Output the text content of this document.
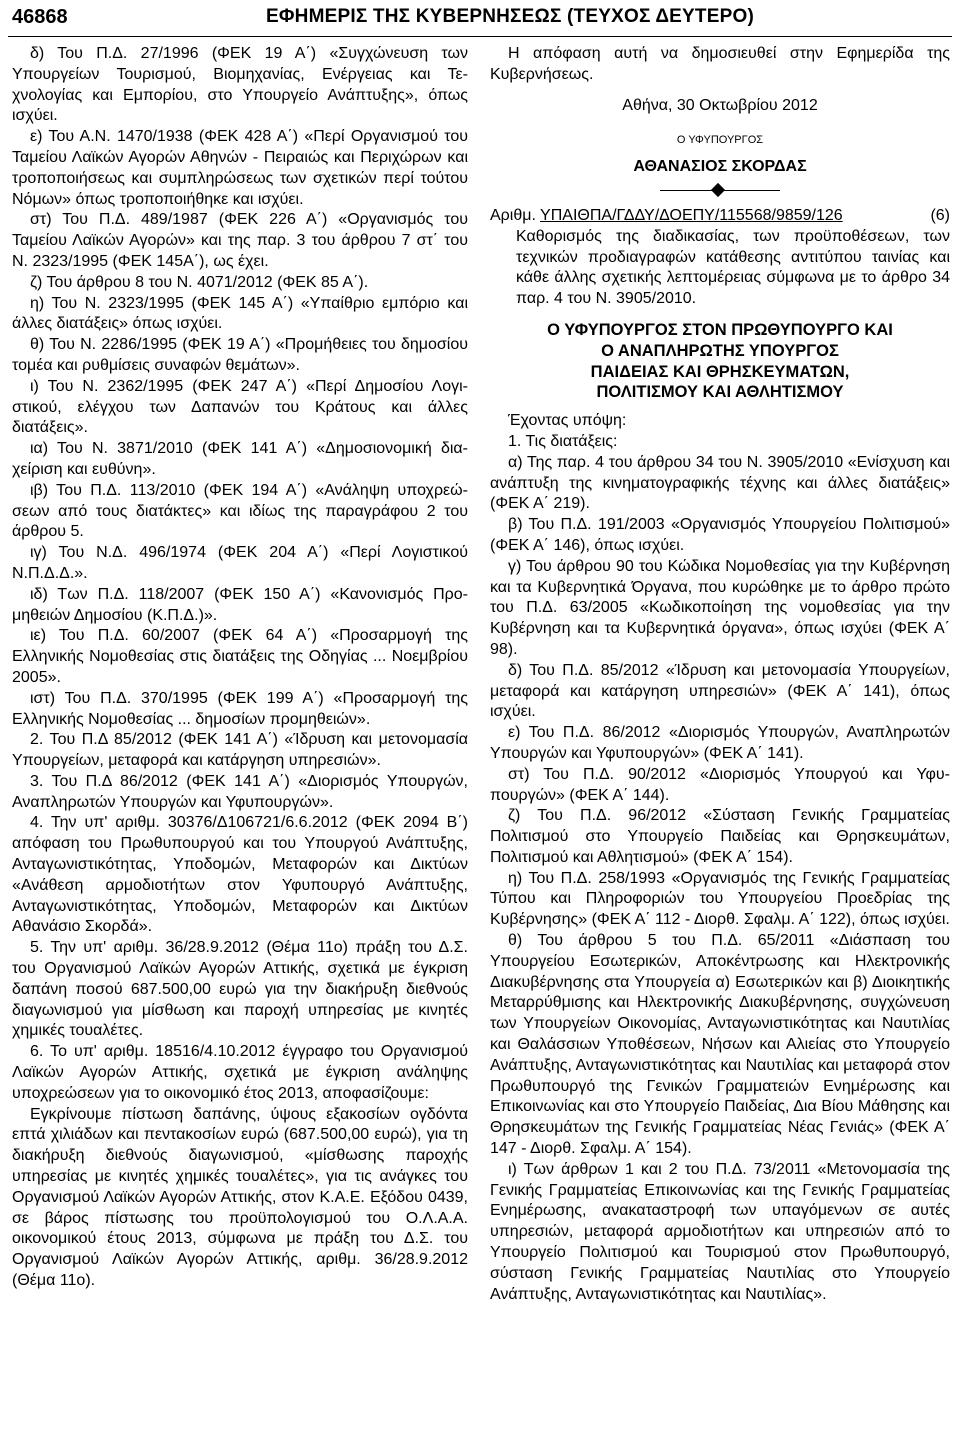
46868	ΕΦΗΜΕΡΙΣ ΤΗΣ ΚΥΒΕΡΝΗΣΕΩΣ (ΤΕΥΧΟΣ ΔΕΥΤΕΡΟ)

δ) Του Π.Δ. 27/1996 (ΦΕΚ 19 Α΄) «Συγχώνευση των Υπουργείων Τουρισμού, Βιομηχανίας, Ενέργειας και Τεχνολογίας και Εμπορίου, στο Υπουργείο Ανάπτυξης», όπως ισχύει.

ε) Του Α.Ν. 1470/1938 (ΦΕΚ 428 Α΄) «Περί Οργανισμού του Ταμείου Λαϊκών Αγορών Αθηνών ‑ Πειραιώς και Περιχώρων και τροποποιήσεως και συμπληρώσεως των σχετικών περί τούτου Νόμων» όπως τροποποιήθηκε και ισχύει.

στ) Του Π.Δ. 489/1987 (ΦΕΚ 226 Α΄) «Οργανισμός του Ταμείου Λαϊκών Αγορών» και της παρ. 3 του άρθρου 7 στ΄ του Ν. 2323/1995 (ΦΕΚ 145Α΄), ως έχει.

ζ) Του άρθρου 8 του Ν. 4071/2012 (ΦΕΚ 85 Α΄).

η) Του Ν. 2323/1995 (ΦΕΚ 145 Α΄) «Υπαίθριο εμπόριο και άλλες διατάξεις» όπως ισχύει.

θ) Του Ν. 2286/1995 (ΦΕΚ 19 Α΄) «Προμήθειες του δημοσίου τομέα και ρυθμίσεις συναφών θεμάτων».

ι) Του Ν. 2362/1995 (ΦΕΚ 247 Α΄) «Περί Δημοσίου Λογιστικού, ελέγχου των Δαπανών του Κράτους και άλλες διατάξεις».

ια) Του Ν. 3871/2010 (ΦΕΚ 141 Α΄) «Δημοσιονομική διαχείριση και ευθύνη».

ιβ) Του Π.Δ. 113/2010 (ΦΕΚ 194 Α΄) «Ανάληψη υποχρεώσεων από τους διατάκτες» και ιδίως της παραγράφου 2 του άρθρου 5.

ιγ) Του Ν.Δ. 496/1974 (ΦΕΚ 204 Α΄) «Περί Λογιστικού Ν.Π.Δ.Δ.».

ιδ) Των Π.Δ. 118/2007 (ΦΕΚ 150 Α΄) «Κανονισμός Προμηθειών Δημοσίου (Κ.Π.Δ.)».

ιε) Του Π.Δ. 60/2007 (ΦΕΚ 64 Α΄) «Προσαρμογή της Ελληνικής Νομοθεσίας στις διατάξεις της Οδηγίας ... Νοεμβρίου 2005».

ιστ) Του Π.Δ. 370/1995 (ΦΕΚ 199 Α΄) «Προσαρμογή της Ελληνικής Νομοθεσίας ... δημοσίων προμηθειών».

2. Του Π.Δ 85/2012 (ΦΕΚ 141 Α΄) «Ίδρυση και μετονομασία Υπουργείων, μεταφορά και κατάργηση υπηρεσιών».

3. Του Π.Δ 86/2012 (ΦΕΚ 141 Α΄) «Διορισμός Υπουργών, Αναπληρωτών Υπουργών και Υφυπουργών».

4. Την υπ' αριθμ. 30376/Δ106721/6.6.2012 (ΦΕΚ 2094 Β΄) απόφαση του Πρωθυπουργού και του Υπουργού Ανάπτυξης, Ανταγωνιστικότητας, Υποδομών, Μεταφορών και Δικτύων «Ανάθεση αρμοδιοτήτων στον Υφυπουργό Ανάπτυξης, Ανταγωνιστικότητας, Υποδομών, Μεταφορών και Δικτύων Αθανάσιο Σκορδά».

5. Την υπ' αριθμ. 36/28.9.2012 (Θέμα 11ο) πράξη του Δ.Σ. του Οργανισμού Λαϊκών Αγορών Αττικής, σχετικά με έγκριση δαπάνη ποσού 687.500,00 ευρώ για την διακήρυξη διεθνούς διαγωνισμού για μίσθωση και παροχή υπηρεσίας με κινητές χημικές τουαλέτες.

6. Το υπ' αριθμ. 18516/4.10.2012 έγγραφο του Οργανισμού Λαϊκών Αγορών Αττικής, σχετικά με έγκριση ανάληψης υποχρεώσεων για το οικονομικό έτος 2013, αποφασίζουμε:

Εγκρίνουμε πίστωση δαπάνης, ύψους εξακοσίων ογδόντα επτά χιλιάδων και πεντακοσίων ευρώ (687.500,00 ευρώ), για τη διακήρυξη διεθνούς διαγωνισμού, «μίσθωσης παροχής υπηρεσίας με κινητές χημικές τουαλέτες», για τις ανάγκες του Οργανισμού Λαϊκών Αγορών Αττικής, στον Κ.Α.Ε. Εξόδου 0439, σε βάρος πίστωσης του προϋπολογισμού του Ο.Λ.Α.Α. οικονομικού έτους 2013, σύμφωνα με πράξη του Δ.Σ. του Οργανισμού Λαϊκών Αγορών Αττικής, αριθμ. 36/28.9.2012 (Θέμα 11ο).

Η απόφαση αυτή να δημοσιευθεί στην Εφημερίδα της Κυβερνήσεως.

Αθήνα, 30 Οκτωβρίου 2012

Ο ΥΦΥΠΟΥΡΓΟΣ

ΑΘΑΝΑΣΙΟΣ ΣΚΟΡΔΑΣ

Αριθμ. ΥΠΑΙΘΠΑ/ΓΔΔΥ/ΔΟΕΠΥ/115568/9859/126	(6)

Καθορισμός της διαδικασίας, των προϋποθέσεων, των τεχνικών προδιαγραφών κατάθεσης αντιτύπου ταινίας και κάθε άλλης σχετικής λεπτομέρειας σύμφωνα με το άρθρο 34 παρ. 4 του Ν. 3905/2010.

Ο ΥΦΥΠΟΥΡΓΟΣ ΣΤΟΝ ΠΡΩΘΥΠΟΥΡΓΟ ΚΑΙ
Ο ΑΝΑΠΛΗΡΩΤΗΣ ΥΠΟΥΡΓΟΣ
ΠΑΙΔΕΙΑΣ ΚΑΙ ΘΡΗΣΚΕΥΜΑΤΩΝ,
ΠΟΛΙΤΙΣΜΟΥ ΚΑΙ ΑΘΛΗΤΙΣΜΟΥ

Έχοντας υπόψη:

1. Τις διατάξεις:

α) Της παρ. 4 του άρθρου 34 του Ν. 3905/2010 «Ενίσχυση και ανάπτυξη της κινηματογραφικής τέχνης και άλλες διατάξεις» (ΦΕΚ Α΄ 219).

β) Του Π.Δ. 191/2003 «Οργανισμός Υπουργείου Πολιτισμού» (ΦΕΚ Α΄ 146), όπως ισχύει.

γ) Του άρθρου 90 του Κώδικα Νομοθεσίας για την Κυβέρνηση και τα Κυβερνητικά Όργανα, που κυρώθηκε με το άρθρο πρώτο του Π.Δ. 63/2005 «Κωδικοποίηση της νομοθεσίας για την Κυβέρνηση και τα Κυβερνητικά όργανα», όπως ισχύει (ΦΕΚ Α΄ 98).

δ) Του Π.Δ. 85/2012 «Ίδρυση και μετονομασία Υπουργείων, μεταφορά και κατάργηση υπηρεσιών» (ΦΕΚ Α΄ 141), όπως ισχύει.

ε) Του Π.Δ. 86/2012 «Διορισμός Υπουργών, Αναπληρωτών Υπουργών και Υφυπουργών» (ΦΕΚ Α΄ 141).

στ) Του Π.Δ. 90/2012 «Διορισμός Υπουργού και Υφυπουργών» (ΦΕΚ Α΄ 144).

ζ) Του Π.Δ. 96/2012 «Σύσταση Γενικής Γραμματείας Πολιτισμού στο Υπουργείο Παιδείας και Θρησκευμάτων, Πολιτισμού και Αθλητισμού» (ΦΕΚ Α΄ 154).

η) Του Π.Δ. 258/1993 «Οργανισμός της Γενικής Γραμματείας Τύπου και Πληροφοριών του Υπουργείου Προεδρίας της Κυβέρνησης» (ΦΕΚ Α΄ 112 ‑ Διορθ. Σφαλμ. Α΄ 122), όπως ισχύει.

θ) Του άρθρου 5 του Π.Δ. 65/2011 «Διάσπαση του Υπουργείου Εσωτερικών, Αποκέντρωσης και Ηλεκτρονικής Διακυβέρνησης στα Υπουργεία α) Εσωτερικών και β) Διοικητικής Μεταρρύθμισης και Ηλεκτρονικής Διακυβέρνησης, συγχώνευση των Υπουργείων Οικονομίας, Ανταγωνιστικότητας και Ναυτιλίας και Θαλάσσιων Υποθέσεων, Νήσων και Αλιείας στο Υπουργείο Ανάπτυξης, Ανταγωνιστικότητας και Ναυτιλίας και μεταφορά στον Πρωθυπουργό της Γενικών Γραμματειών Ενημέρωσης και Επικοινωνίας και στο Υπουργείο Παιδείας, Δια Βίου Μάθησης και Θρησκευμάτων της Γενικής Γραμματείας Νέας Γενιάς» (ΦΕΚ Α΄ 147 ‑ Διορθ. Σφαλμ. Α΄ 154).

ι) Των άρθρων 1 και 2 του Π.Δ. 73/2011 «Μετονομασία της Γενικής Γραμματείας Επικοινωνίας και της Γενικής Γραμματείας Ενημέρωσης, ανακαταστροφή των υπαγόμενων σε αυτές υπηρεσιών, μεταφορά αρμοδιοτήτων και υπηρεσιών από το Υπουργείο Πολιτισμού και Τουρισμού στον Πρωθυπουργό, σύσταση Γενικής Γραμματείας Ναυτιλίας στο Υπουργείο Ανάπτυξης, Ανταγωνιστικότητας και Ναυτιλίας».
